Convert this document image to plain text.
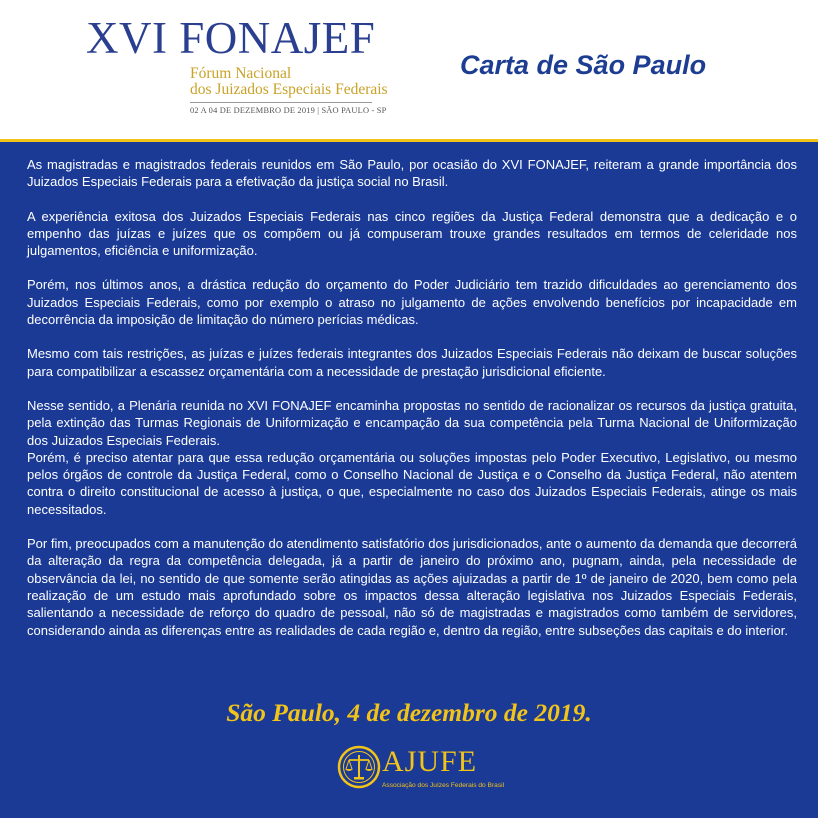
XVI FONAJEF
Fórum Nacional
dos Juizados Especiais Federais
02 A 04 DE DEZEMBRO DE 2019 | SÃO PAULO - SP
Carta de São Paulo

As magistradas e magistrados federais reunidos em São Paulo, por ocasião do XVI FONAJEF, reiteram a grande importância dos Juizados Especiais Federais para a efetivação da justiça social no Brasil.

A experiência exitosa dos Juizados Especiais Federais nas cinco regiões da Justiça Federal demonstra que a dedicação e o empenho das juízas e juízes que os compõem ou já compuseram trouxe grandes resultados em termos de celeridade nos julgamentos, eficiência e uniformização.

Porém, nos últimos anos, a drástica redução do orçamento do Poder Judiciário tem trazido dificuldades ao gerenciamento dos Juizados Especiais Federais, como por exemplo o atraso no julgamento de ações envolvendo benefícios por incapacidade em decorrência da imposição de limitação do número perícias médicas.

Mesmo com tais restrições, as juízas e juízes federais integrantes dos Juizados Especiais Federais não deixam de buscar soluções para compatibilizar a escassez orçamentária com a necessidade de prestação jurisdicional eficiente.

Nesse sentido, a Plenária reunida no XVI FONAJEF encaminha propostas no sentido de racionalizar os recursos da justiça gratuita, pela extinção das Turmas Regionais de Uniformização e encampação da sua competência pela Turma Nacional de Uniformização dos Juizados Especiais Federais.

Porém, é preciso atentar para que essa redução orçamentária ou soluções impostas pelo Poder Executivo, Legislativo, ou mesmo pelos órgãos de controle da Justiça Federal, como o Conselho Nacional de Justiça e o Conselho da Justiça Federal, não atentem contra o direito constitucional de acesso à justiça, o que, especialmente no caso dos Juizados Especiais Federais, atinge os mais necessitados.

Por fim, preocupados com a manutenção do atendimento satisfatório dos jurisdicionados, ante o aumento da demanda que decorrerá da alteração da regra da competência delegada, já a partir de janeiro do próximo ano, pugnam, ainda, pela necessidade de observância da lei, no sentido de que somente serão atingidas as ações ajuizadas a partir de 1º de janeiro de 2020, bem como pela realização de um estudo mais aprofundado sobre os impactos dessa alteração legislativa nos Juizados Especiais Federais, salientando a necessidade de reforço do quadro de pessoal, não só de magistradas e magistrados como também de servidores, considerando ainda as diferenças entre as realidades de cada região e, dentro da região, entre subseções das capitais e do interior.

São Paulo, 4 de dezembro de 2019.
AJUFE
Associação dos Juízes Federais do Brasil
